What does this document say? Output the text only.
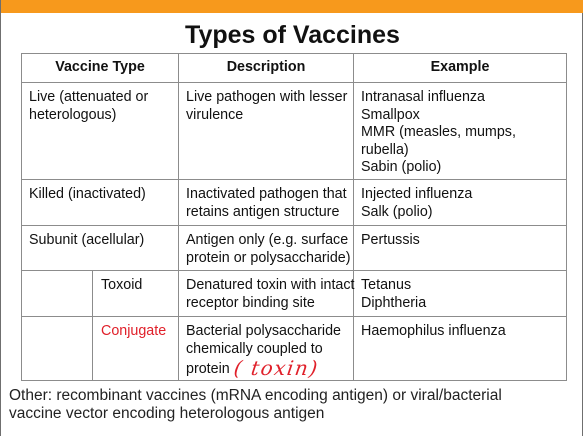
Types of Vaccines
Vaccine Type		Description	Example

Live (attenuated or
heterologous)		Live pathogen with lesser
virulence	Intranasal influenza
Smallpox
MMR (measles, mumps,
rubella)
Sabin (polio)

Killed (inactivated)		Inactivated pathogen that
retains antigen structure	Injected influenza
Salk (polio)

Subunit (acellular)		Antigen only (e.g. surface
protein or polysaccharide)	Pertussis

	Toxoid	Denatured toxin with intact
receptor binding site	Tetanus
Diphtheria

	Conjugate	Bacterial polysaccharide
chemically coupled to
protein ( toxin)	Haemophilus influenza
Other: recombinant vaccines (mRNA encoding antigen) or viral/bacterial
vaccine vector encoding heterologous antigen
